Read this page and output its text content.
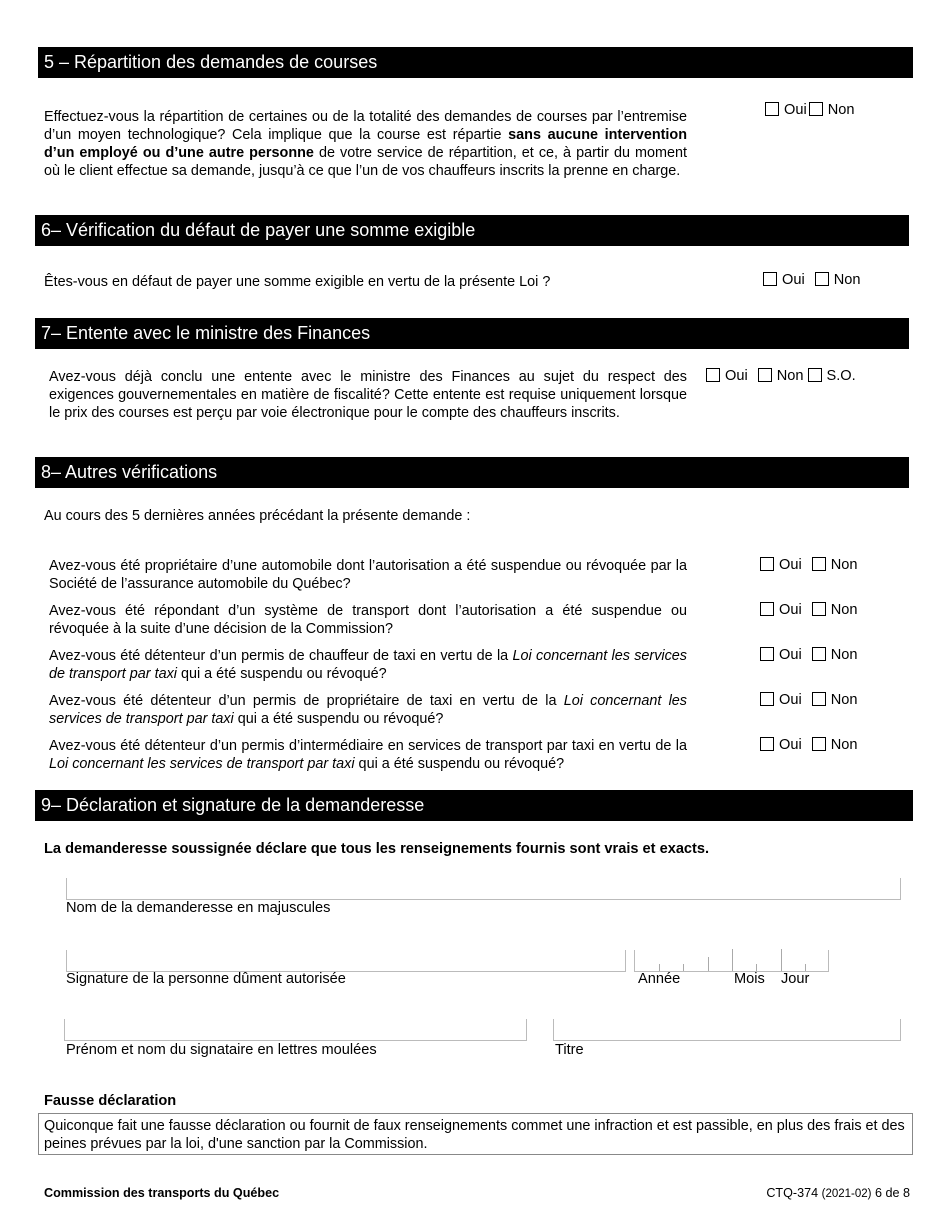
5 – Répartition des demandes de courses
Effectuez-vous la répartition de certaines ou de la totalité des demandes de courses par l’entremise d’un moyen technologique? Cela implique que la course est répartie sans aucune intervention d’un employé ou d’une autre personne de votre service de répartition, et ce, à partir du moment où le client effectue sa demande, jusqu’à ce que l’un de vos chauffeurs inscrits la prenne en charge.
Oui Non
6– Vérification du défaut de payer une somme exigible
Êtes-vous en défaut de payer une somme exigible en vertu de la présente Loi ?	Oui Non
7– Entente avec le ministre des Finances
Avez-vous déjà conclu une entente avec le ministre des Finances au sujet du respect des exigences gouvernementales en matière de fiscalité? Cette entente est requise uniquement lorsque le prix des courses est perçu par voie électronique pour le compte des chauffeurs inscrits.
Oui Non S.O.
8– Autres vérifications
Au cours des 5 dernières années précédant la présente demande :
Avez-vous été propriétaire d’une automobile dont l’autorisation a été suspendue ou révoquée par la Société de l’assurance automobile du Québec?
Oui Non
Avez-vous été répondant d’un système de transport dont l’autorisation a été suspendue ou révoquée à la suite d’une décision de la Commission?
Oui Non
Avez-vous été détenteur d’un permis de chauffeur de taxi en vertu de la Loi concernant les services de transport par taxi qui a été suspendu ou révoqué?
Oui Non
Avez-vous été détenteur d’un permis de propriétaire de taxi en vertu de la Loi concernant les services de transport par taxi qui a été suspendu ou révoqué?
Oui Non
Avez-vous été détenteur d’un permis d’intermédiaire en services de transport par taxi en vertu de la Loi concernant les services de transport par taxi qui a été suspendu ou révoqué?
Oui Non
9– Déclaration et signature de la demanderesse
La demanderesse soussignée déclare que tous les renseignements fournis sont vrais et exacts.
Nom de la demanderesse en majuscules
Signature de la personne dûment autorisée	Année	Mois Jour
Prénom et nom du signataire en lettres moulées	Titre
Fausse déclaration
Quiconque fait une fausse déclaration ou fournit de faux renseignements commet une infraction et est passible, en plus des frais et des peines prévues par la loi, d'une sanction par la Commission.
Commission des transports du Québec	CTQ-374 (2021-02) 6 de 8
